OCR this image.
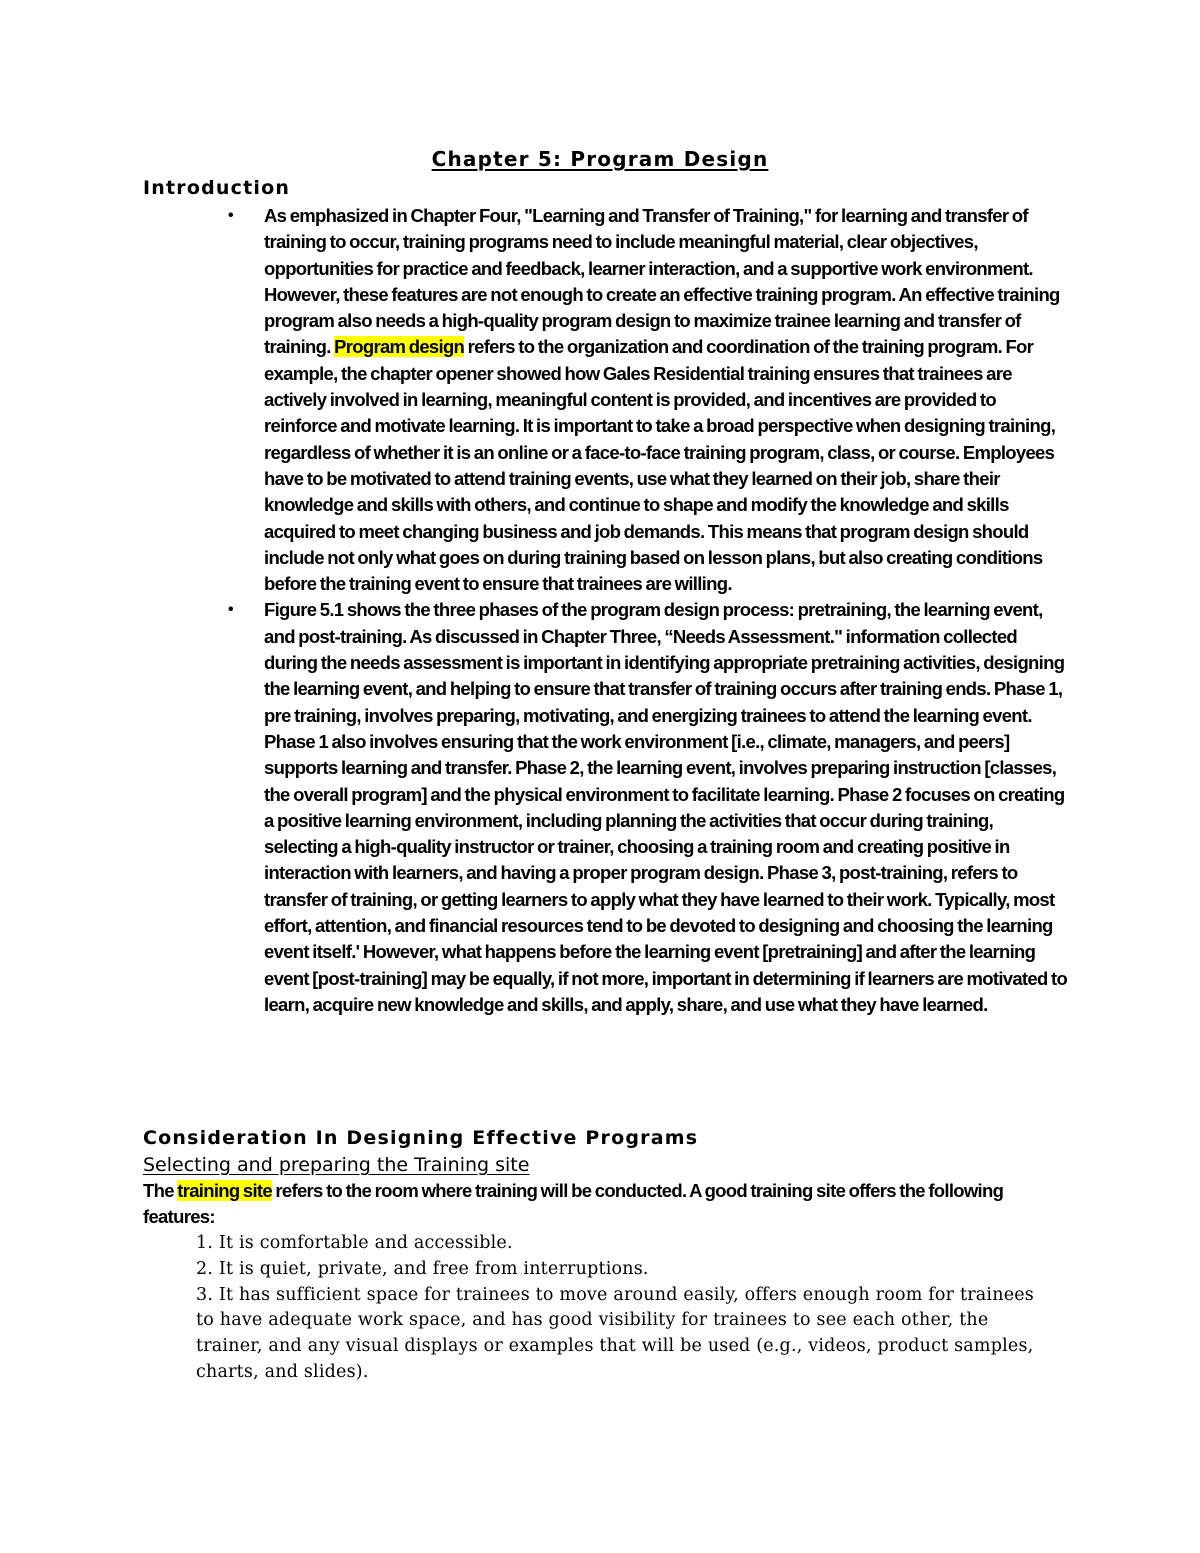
Chapter 5: Program Design
Introduction
• As emphasized in Chapter Four, "Learning and Transfer of Training," for learning and transfer of training to occur, training programs need to include meaningful material, clear objectives, opportunities for practice and feedback, learner interaction, and a supportive work environment. However, these features are not enough to create an effective training program. An effective training program also needs a high-quality program design to maximize trainee learning and transfer of training. Program design refers to the organization and coordination of the training program. For example, the chapter opener showed how Gales Residential training ensures that trainees are actively involved in learning, meaningful content is provided, and incentives are provided to reinforce and motivate learning. It is important to take a broad perspective when designing training, regardless of whether it is an online or a face-to-face training program, class, or course. Employees have to be motivated to attend training events, use what they learned on their job, share their knowledge and skills with others, and continue to shape and modify the knowledge and skills acquired to meet changing business and job demands. This means that program design should include not only what goes on during training based on lesson plans, but also creating conditions before the training event to ensure that trainees are willing.
• Figure 5.1 shows the three phases of the program design process: pretraining, the learning event, and post-training. As discussed in Chapter Three, “Needs Assessment." information collected during the needs assessment is important in identifying appropriate pretraining activities, designing the learning event, and helping to ensure that transfer of training occurs after training ends. Phase 1, pre training, involves preparing, motivating, and energizing trainees to attend the learning event. Phase 1 also involves ensuring that the work environment [i.e., climate, managers, and peers] supports learning and transfer. Phase 2, the learning event, involves preparing instruction [classes, the overall program] and the physical environment to facilitate learning. Phase 2 focuses on creating a positive learning environment, including planning the activities that occur during training, selecting a high-quality instructor or trainer, choosing a training room and creating positive in interaction with learners, and having a proper program design. Phase 3, post-training, refers to transfer of training, or getting learners to apply what they have learned to their work. Typically, most effort, attention, and financial resources tend to be devoted to designing and choosing the learning event itself.' However, what happens before the learning event [pretraining] and after the learning event [post-training] may be equally, if not more, important in determining if learners are motivated to learn, acquire new knowledge and skills, and apply, share, and use what they have learned.
Consideration In Designing Effective Programs
Selecting and preparing the Training site
The training site refers to the room where training will be conducted. A good training site offers the following features:
1. It is comfortable and accessible.
2. It is quiet, private, and free from interruptions.
3. It has sufficient space for trainees to move around easily, offers enough room for trainees to have adequate work space, and has good visibility for trainees to see each other, the trainer, and any visual displays or examples that will be used (e.g., videos, product samples, charts, and slides).
